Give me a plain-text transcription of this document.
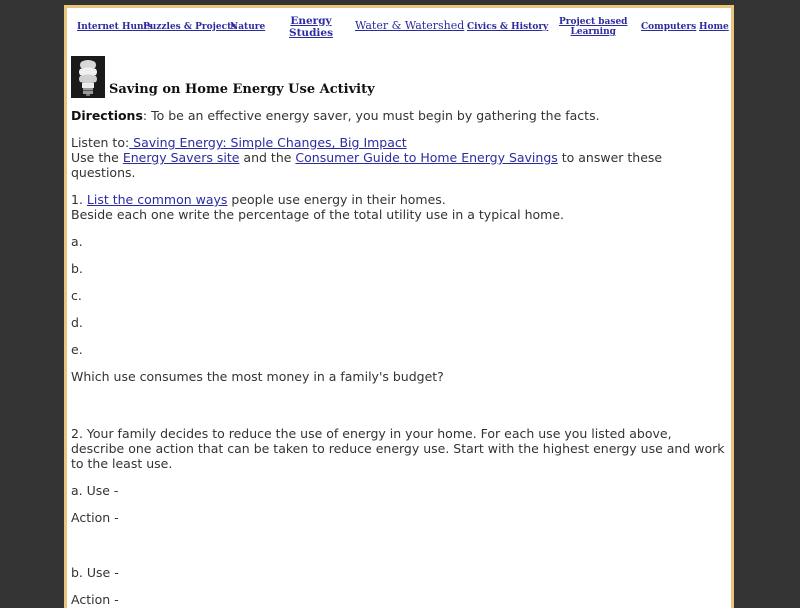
Internet Hunts
Puzzles & Projects
Nature Energy
Studies
Water & Watershed Civics & History Project based
Learning	Computers Home
Saving on Home Energy Use Activity

Directions: To be an effective energy saver, you must begin by gathering the facts.

Listen to: Saving Energy: Simple Changes, Big Impact

Use the Energy Savers site and the Consumer Guide to Home Energy Savings to answer these questions.

1. List the common ways people use energy in their homes.
Beside each one write the percentage of the total utility use in a typical home.

a.

b.

c.

d.

e.

Which use consumes the most money in a family's budget?

2. Your family decides to reduce the use of energy in your home. For each use you listed above, describe one action that can be taken to reduce energy use. Start with the highest energy use and work to the least use.

a. Use -

Action -

b. Use -

Action -
